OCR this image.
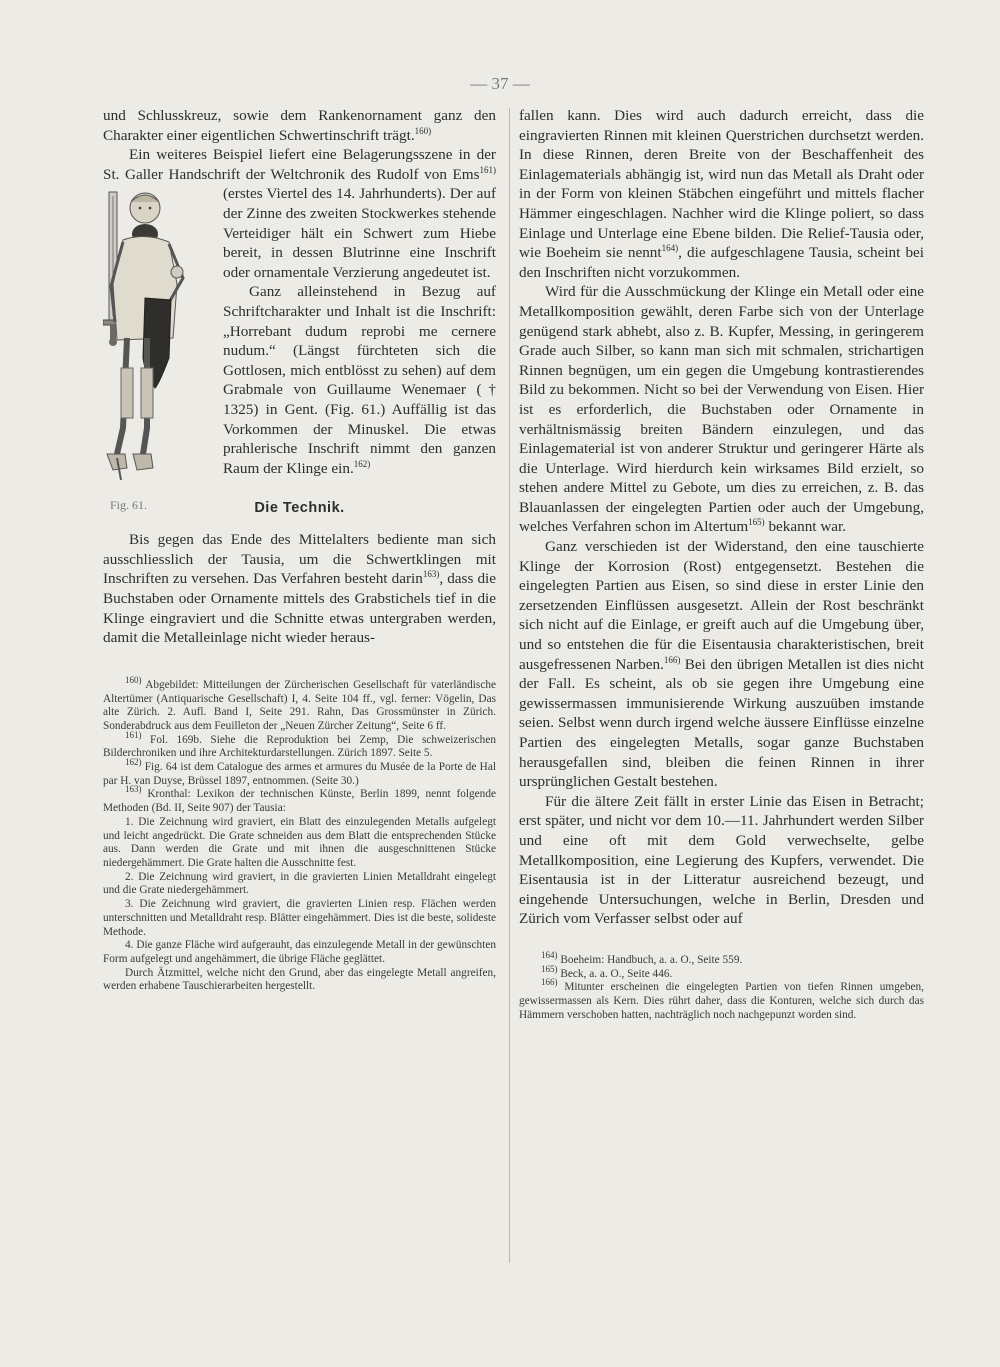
— 37 —

und Schlusskreuz, sowie dem Rankenornament ganz den Charakter einer eigentlichen Schwertinschrift trägt.$^{160)}$

Ein weiteres Beispiel liefert eine Belagerungsszene in der St. Galler Handschrift der Weltchronik des Rudolf von Ems$^{161)}$
(erstes Viertel des 14. Jahrhunderts). Der auf der Zinne des zweiten Stockwerkes stehende Verteidiger hält ein Schwert zum Hiebe bereit, in dessen Blutrinne eine Inschrift oder ornamentale Verzierung angedeutet ist.

Ganz alleinstehend in Bezug auf Schriftcharakter und Inhalt ist die Inschrift: „Horrebant dudum reprobi me cernere nudum.“ (Längst fürchteten sich die Gottlosen, mich entblösst zu sehen) auf dem Grabmale von Guillaume Wenemaer († 1325) in Gent. (Fig. 61.) Auffällig ist das Vorkommen der Minuskel. Die etwas prahlerische Inschrift nimmt den ganzen Raum der Klinge ein.$^{162)}$

Die Technik.

Bis gegen das Ende des Mittelalters bediente man sich ausschliesslich der Tausia, um die Schwertklingen mit Inschriften zu versehen. Das Verfahren besteht darin$^{163)}$, dass die Buchstaben oder Ornamente mittels des Grabstichels tief in die Klinge eingraviert und die Schnitte etwas untergraben werden, damit die Metalleinlage nicht wieder heraus-

$^{160)}$ Abgebildet: Mitteilungen der Zürcherischen Gesellschaft für vaterländische Altertümer (Antiquarische Gesellschaft) I, 4. Seite 104 ff., vgl. ferner: Vögelin, Das alte Zürich. 2. Aufl. Band I, Seite 291. Rahn, Das Grossmünster in Zürich. Sonderabdruck aus dem Feuilleton der „Neuen Zürcher Zeitung“, Seite 6 ff.

$^{161)}$ Fol. 169b. Siehe die Reproduktion bei Zemp, Die schweizerischen Bilderchroniken und ihre Architekturdarstellungen. Zürich 1897. Seite 5.

$^{162)}$ Fig. 64 ist dem Catalogue des armes et armures du Musée de la Porte de Hal par H. van Duyse, Brüssel 1897, entnommen. (Seite 30.)

$^{163)}$ Kronthal: Lexikon der technischen Künste, Berlin 1899, nennt folgende Methoden (Bd. II, Seite 907) der Tausia:

1. Die Zeichnung wird graviert, ein Blatt des einzulegenden Metalls aufgelegt und leicht angedrückt. Die Grate schneiden aus dem Blatt die entsprechenden Stücke aus. Dann werden die Grate und mit ihnen die ausgeschnittenen Stücke niedergehämmert. Die Grate halten die Ausschnitte fest.

2. Die Zeichnung wird graviert, in die gravierten Linien Metalldraht eingelegt und die Grate niedergehämmert.

3. Die Zeichnung wird graviert, die gravierten Linien resp. Flächen werden unterschnitten und Metalldraht resp. Blätter eingehämmert. Dies ist die beste, solideste Methode.

4. Die ganze Fläche wird aufgerauht, das einzulegende Metall in der gewünschten Form aufgelegt und angehämmert, die übrige Fläche geglättet.

Durch Ätzmittel, welche nicht den Grund, aber das eingelegte Metall angreifen, werden erhabene Tauschierarbeiten hergestellt.

Fig. 61.

fallen kann. Dies wird auch dadurch erreicht, dass die eingravierten Rinnen mit kleinen Querstrichen durchsetzt werden. In diese Rinnen, deren Breite von der Beschaffenheit des Einlagematerials abhängig ist, wird nun das Metall als Draht oder in der Form von kleinen Stäbchen eingeführt und mittels flacher Hämmer eingeschlagen. Nachher wird die Klinge poliert, so dass Einlage und Unterlage eine Ebene bilden. Die Relief-Tausia oder, wie Boeheim sie nennt$^{164)}$, die aufgeschlagene Tausia, scheint bei den Inschriften nicht vorzukommen.

Wird für die Ausschmückung der Klinge ein Metall oder eine Metallkomposition gewählt, deren Farbe sich von der Unterlage genügend stark abhebt, also z. B. Kupfer, Messing, in geringerem Grade auch Silber, so kann man sich mit schmalen, strichartigen Rinnen begnügen, um ein gegen die Umgebung kontrastierendes Bild zu bekommen. Nicht so bei der Verwendung von Eisen. Hier ist es erforderlich, die Buchstaben oder Ornamente in verhältnismässig breiten Bändern einzulegen, und das Einlagematerial ist von anderer Struktur und geringerer Härte als die Unterlage. Wird hierdurch kein wirksames Bild erzielt, so stehen andere Mittel zu Gebote, um dies zu erreichen, z. B. das Blauanlassen der eingelegten Partien oder auch der Umgebung, welches Verfahren schon im Altertum$^{165)}$ bekannt war.

Ganz verschieden ist der Widerstand, den eine tauschierte Klinge der Korrosion (Rost) entgegensetzt. Bestehen die eingelegten Partien aus Eisen, so sind diese in erster Linie den zersetzenden Einflüssen ausgesetzt. Allein der Rost beschränkt sich nicht auf die Einlage, er greift auch auf die Umgebung über, und so entstehen die für die Eisentausia charakteristischen, breit ausgefressenen Narben.$^{166)}$ Bei den übrigen Metallen ist dies nicht der Fall. Es scheint, als ob sie gegen ihre Umgebung eine gewissermassen immunisierende Wirkung auszuüben imstande seien. Selbst wenn durch irgend welche äussere Einflüsse einzelne Partien des eingelegten Metalls, sogar ganze Buchstaben herausgefallen sind, bleiben die feinen Rinnen in ihrer ursprünglichen Gestalt bestehen.

Für die ältere Zeit fällt in erster Linie das Eisen in Betracht; erst später, und nicht vor dem 10.—11. Jahrhundert werden Silber und eine oft mit dem Gold verwechselte, gelbe Metallkomposition, eine Legierung des Kupfers, verwendet. Die Eisentausia ist in der Litteratur ausreichend bezeugt, und eingehende Untersuchungen, welche in Berlin, Dresden und Zürich vom Verfasser selbst oder auf

$^{164)}$ Boeheim: Handbuch, a. a. O., Seite 559.

$^{165)}$ Beck, a. a. O., Seite 446.

$^{166)}$ Mitunter erscheinen die eingelegten Partien von tiefen Rinnen umgeben, gewissermassen als Kern. Dies rührt daher, dass die Konturen, welche sich durch das Hämmern verschoben hatten, nachträglich noch nachgepunzt worden sind.
